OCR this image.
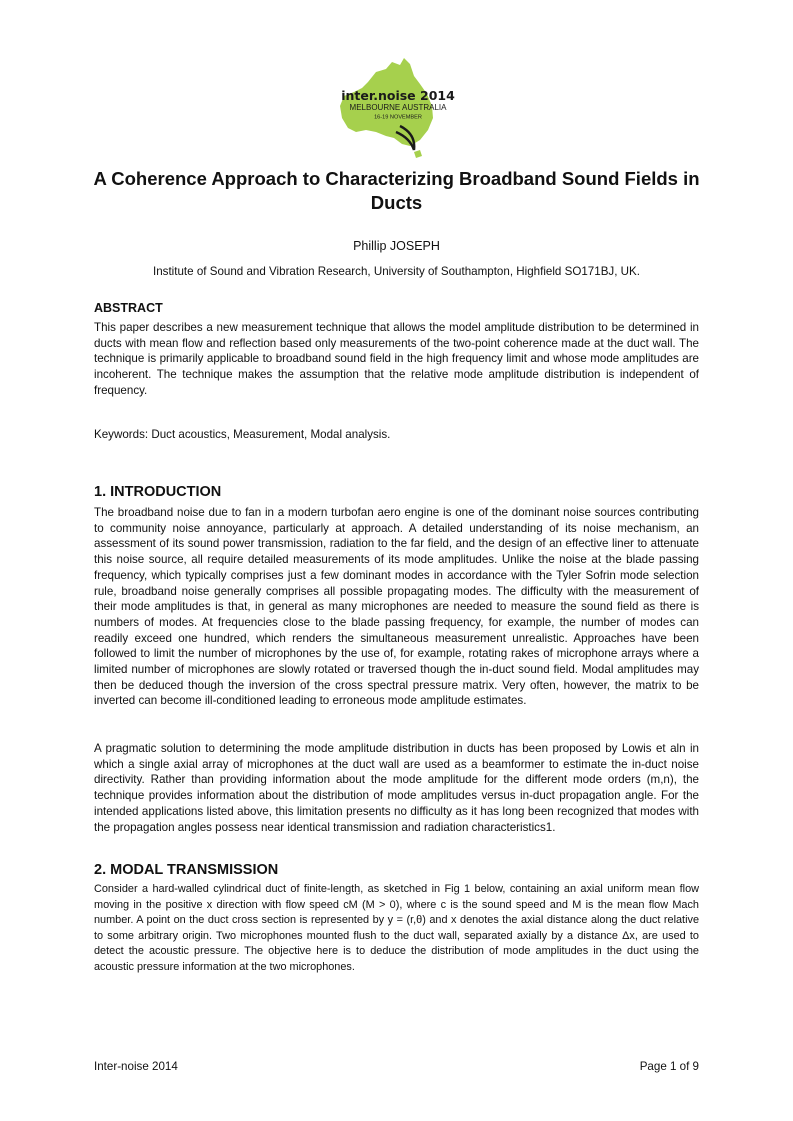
inter.noise 2014
MELBOURNE AUSTRALIA
16-19 NOVEMBER
A Coherence Approach to Characterizing Broadband Sound Fields in Ducts
Phillip JOSEPH
Institute of Sound and Vibration Research, University of Southampton, Highfield SO171BJ, UK.
ABSTRACT

This paper describes a new measurement technique that allows the model amplitude distribution to be determined in ducts with mean flow and reflection based only measurements of the two-point coherence made at the duct wall. The technique is primarily applicable to broadband sound field in the high frequency limit and whose mode amplitudes are incoherent. The technique makes the assumption that the relative mode amplitude distribution is independent of frequency.

Keywords: Duct acoustics, Measurement, Modal analysis.

1. INTRODUCTION

The broadband noise due to fan in a modern turbofan aero engine is one of the dominant noise sources contributing to community noise annoyance, particularly at approach. A detailed understanding of its noise mechanism, an assessment of its sound power transmission, radiation to the far field, and the design of an effective liner to attenuate this noise source, all require detailed measurements of its mode amplitudes. Unlike the noise at the blade passing frequency, which typically comprises just a few dominant modes in accordance with the Tyler Sofrin mode selection rule, broadband noise generally comprises all possible propagating modes. The difficulty with the measurement of their mode amplitudes is that, in general as many microphones are needed to measure the sound field as there is numbers of modes. At frequencies close to the blade passing frequency, for example, the number of modes can readily exceed one hundred, which renders the simultaneous measurement unrealistic. Approaches have been followed to limit the number of microphones by the use of, for example, rotating rakes of microphone arrays where a limited number of microphones are slowly rotated or traversed though the in-duct sound field. Modal amplitudes may then be deduced though the inversion of the cross spectral pressure matrix. Very often, however, the matrix to be inverted can become ill-conditioned leading to erroneous mode amplitude estimates.

A pragmatic solution to determining the mode amplitude distribution in ducts has been proposed by Lowis et aln in which a single axial array of microphones at the duct wall are used as a beamformer to estimate the in-duct noise directivity. Rather than providing information about the mode amplitude for the different mode orders (m,n), the technique provides information about the distribution of mode amplitudes versus in-duct propagation angle. For the intended applications listed above, this limitation presents no difficulty as it has long been recognized that modes with the propagation angles possess near identical transmission and radiation characteristics1.

2. MODAL TRANSMISSION

Consider a hard-walled cylindrical duct of finite-length, as sketched in Fig 1 below, containing an axial uniform mean flow moving in the positive x direction with flow speed cM (M > 0), where c is the sound speed and M is the mean flow Mach number. A point on the duct cross section is represented by y = (r,θ) and x denotes the axial distance along the duct relative to some arbitrary origin. Two microphones mounted flush to the duct wall, separated axially by a distance Δx, are used to detect the acoustic pressure. The objective here is to deduce the distribution of mode amplitudes in the duct using the acoustic pressure information at the two microphones.

Inter-noise 2014	Page 1 of 9
